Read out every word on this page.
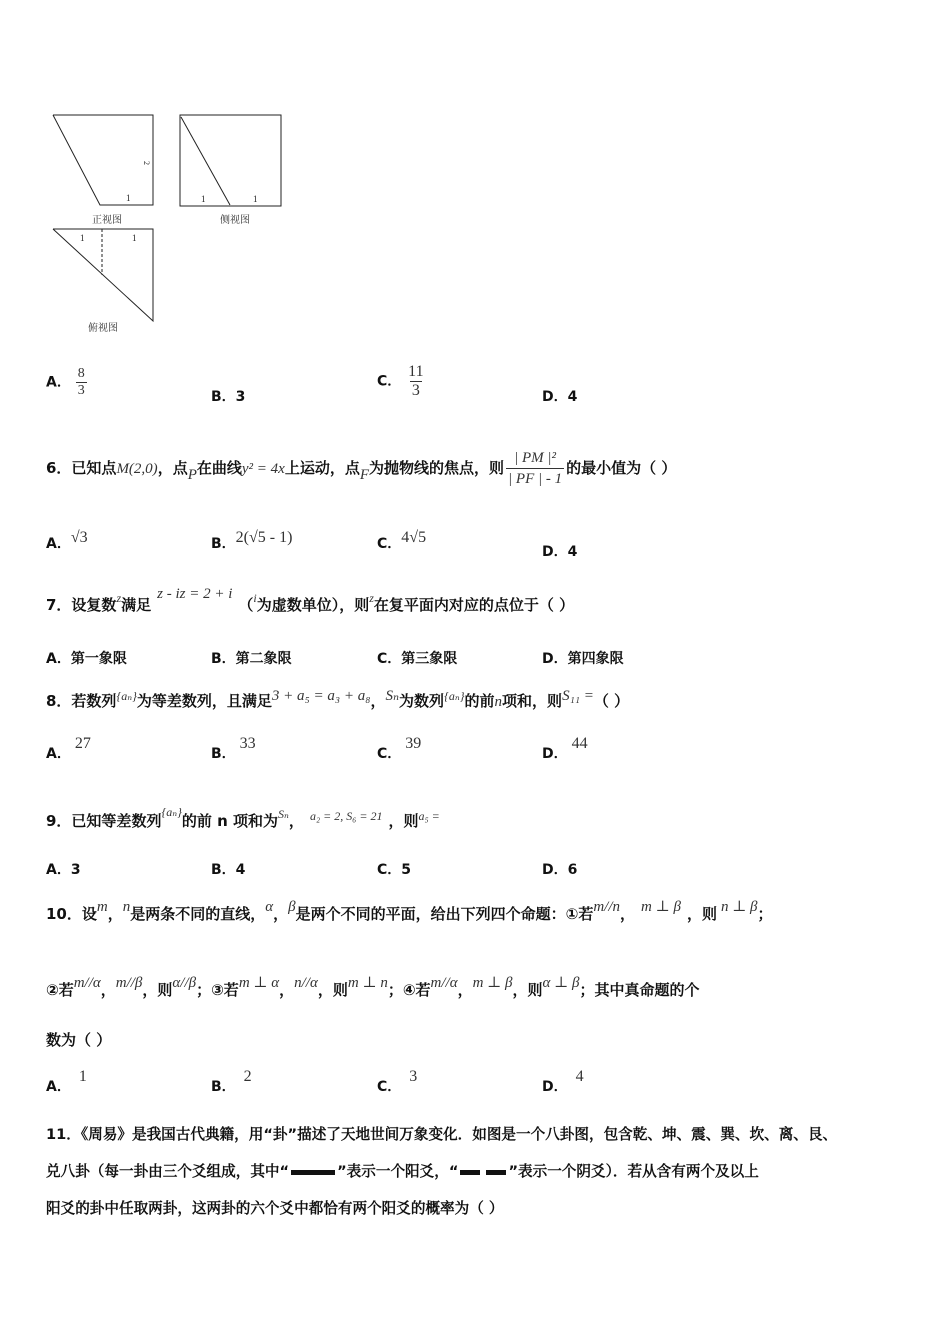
1
2
正视图
1	1
侧视图
1	1
俯视图
A． $\frac{8}{3}$	B．3
C． $\frac{11}{3}$	D．4
6．已知点M(2,0)，点P在曲线y² = 4x上运动，点F为抛物线的焦点，则 $\frac{\text{| PM |²}}{| PF | - 1}$ 的最小值为（ ）
A．√3	B．2(√5 - 1)	C．4√5
D．4
7．设复数$^z$满足z - iz = 2 + i（$^i$为虚数单位），则$^z$在复平面内对应的点位于（ ）
A．第一象限	B．第二象限	C．第三象限	D．第四象限
8．若数列$^{\{a_n\}}$为等差数列，且满足3 + a₅ = a₃ + a₈，Sₙ为数列$^{\{a_n\}}$的前n项和，则S₁₁ =（ ）
A．27
B．33
C．39
D．44
9．已知等差数列$^{\{a_n\}}$的前 n 项和为$^{S_n}$， $^{a_2 = 2, S_6 = 21}$ ，则$^{a_5 =}$
A．3	B．4	C．5	D．6
10．设m，n是两条不同的直线，α，β是两个不同的平面，给出下列四个命题：①若m//n， m ⊥ β ，则 n ⊥ β；
②若m//α，m//β，则α//β；③若m ⊥ α，n//α，则m ⊥ n；④若m//α，m ⊥ β，则α ⊥ β；其中真命题的个
数为（ ）
A．1
B．2
C．3
D．4
11．《周易》是我国古代典籍，用“卦”描述了天地世间万象变化．如图是一个八卦图，包含乾、坤、震、巽、坎、离、艮、
兑八卦（每一卦由三个爻组成，其中“	”表示一个阳爻，“	”表示一个阴爻）．若从含有两个及以上
阳爻的卦中任取两卦，这两卦的六个爻中都恰有两个阳爻的概率为（ ）
